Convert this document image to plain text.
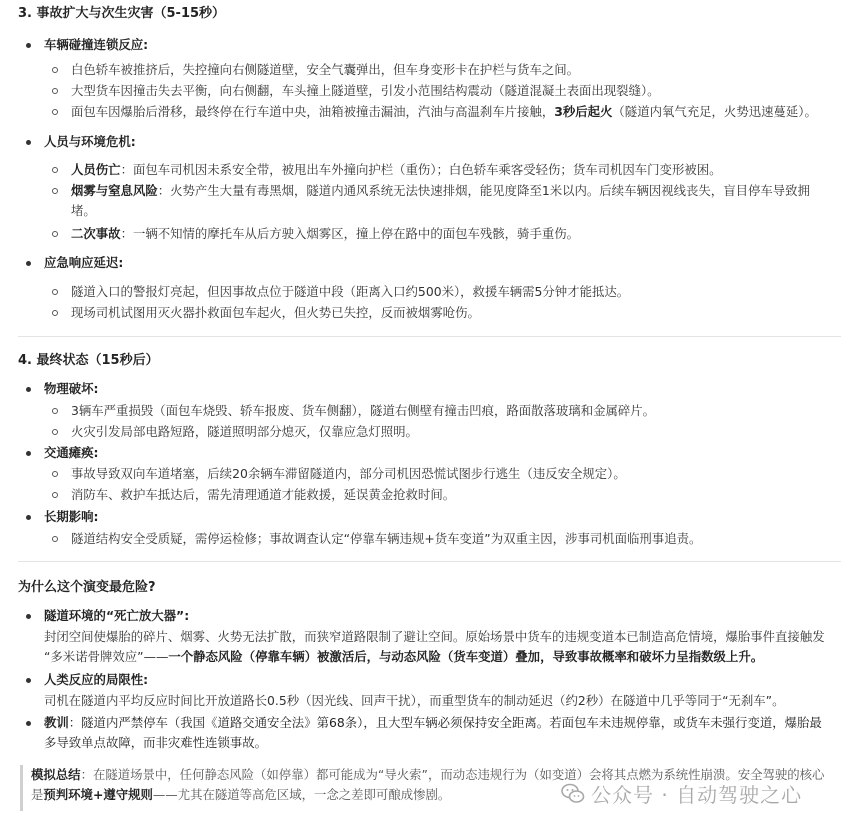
3. 事故扩大与次生灾害（5-15秒）
车辆碰撞连锁反应:
白色轿车被推挤后，失控撞向右侧隧道壁，安全气囊弹出，但车身变形卡在护栏与货车之间。
大型货车因撞击失去平衡，向右侧翻，车头撞上隧道壁，引发小范围结构震动（隧道混凝土表面出现裂缝）。
面包车因爆胎后滑移，最终停在行车道中央，油箱被撞击漏油，汽油与高温刹车片接触，3秒后起火（隧道内氧气充足，火势迅速蔓延）。
人员与环境危机:
人员伤亡：面包车司机因未系安全带，被甩出车外撞向护栏（重伤）；白色轿车乘客受轻伤；货车司机因车门变形被困。
烟雾与窒息风险：火势产生大量有毒黑烟，隧道内通风系统无法快速排烟，能见度降至1米以内。后续车辆因视线丧失，盲目停车导致拥
堵。
二次事故：一辆不知情的摩托车从后方驶入烟雾区，撞上停在路中的面包车残骸，骑手重伤。
应急响应延迟:
隧道入口的警报灯亮起，但因事故点位于隧道中段（距离入口约500米），救援车辆需5分钟才能抵达。
现场司机试图用灭火器扑救面包车起火，但火势已失控，反而被烟雾呛伤。
4. 最终状态（15秒后）
物理破坏:
3辆车严重损毁（面包车烧毁、轿车报废、货车侧翻），隧道右侧壁有撞击凹痕，路面散落玻璃和金属碎片。
火灾引发局部电路短路，隧道照明部分熄灭，仅靠应急灯照明。
交通瘫痪:
事故导致双向车道堵塞，后续20余辆车滞留隧道内，部分司机因恐慌试图步行逃生（违反安全规定）。
消防车、救护车抵达后，需先清理通道才能救援，延误黄金抢救时间。
长期影响:
隧道结构安全受质疑，需停运检修；事故调查认定“停靠车辆违规+货车变道”为双重主因，涉事司机面临刑事追责。
为什么这个演变最危险?
隧道环境的“死亡放大器”:
封闭空间使爆胎的碎片、烟雾、火势无法扩散，而狭窄道路限制了避让空间。原始场景中货车的违规变道本已制造高危情境，爆胎事件直接触发
“多米诺骨牌效应”——一个静态风险（停靠车辆）被激活后，与动态风险（货车变道）叠加，导致事故概率和破坏力呈指数级上升。
人类反应的局限性:
司机在隧道内平均反应时间比开放道路长0.5秒（因光线、回声干扰），而重型货车的制动延迟（约2秒）在隧道中几乎等同于“无刹车”。
教训：隧道内严禁停车（我国《道路交通安全法》第68条），且大型车辆必须保持安全距离。若面包车未违规停靠，或货车未强行变道，爆胎最
多导致单点故障，而非灾难性连锁事故。
模拟总结：在隧道场景中，任何静态风险（如停靠）都可能成为“导火索”，而动态违规行为（如变道）会将其点燃为系统性崩溃。安全驾驶的核心
是预判环境+遵守规则——尤其在隧道等高危区域，一念之差即可酿成惨剧。	公众号 · 自动驾驶之心
